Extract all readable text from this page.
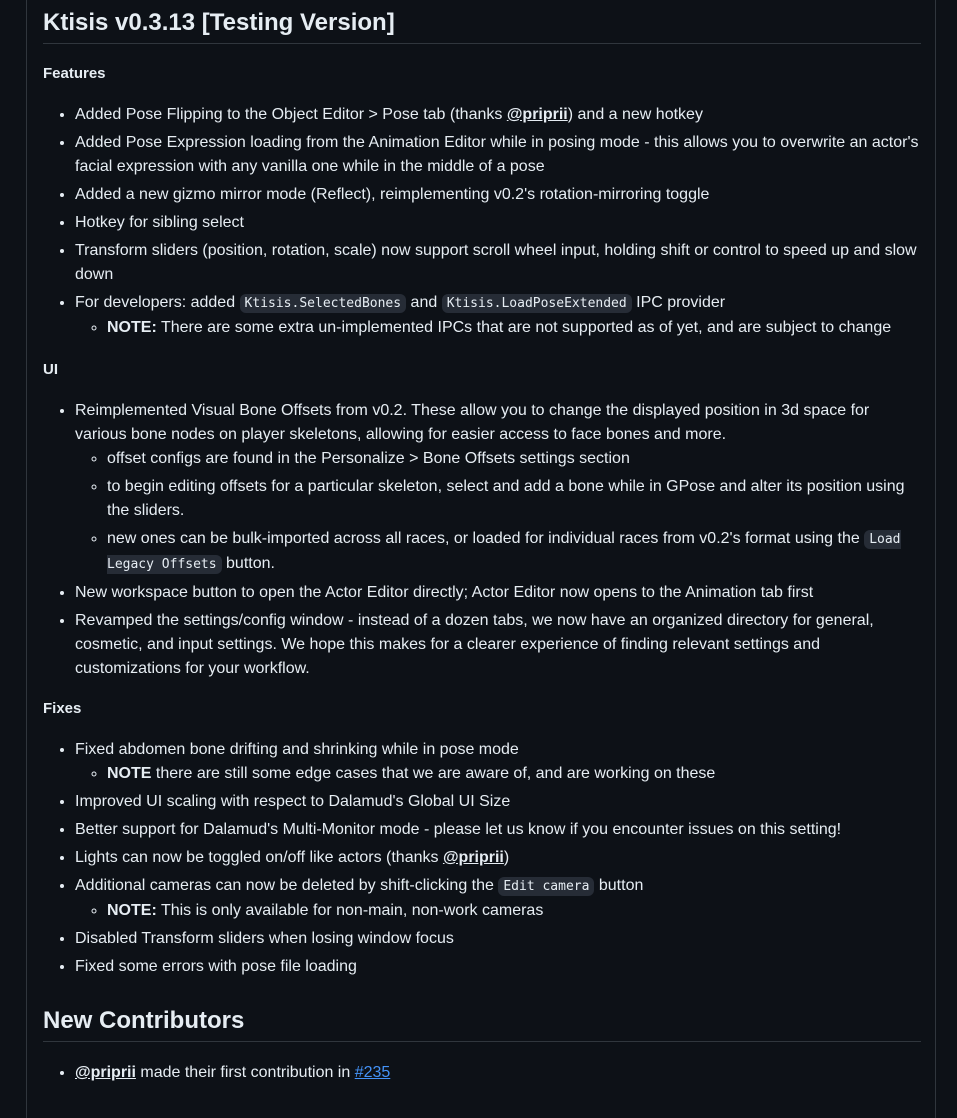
Ktisis v0.3.13 [Testing Version]
Features
• Added Pose Flipping to the Object Editor > Pose tab (thanks @priprii) and a new hotkey
• Added Pose Expression loading from the Animation Editor while in posing mode - this allows you to overwrite an actor's facial expression with any vanilla one while in the middle of a pose
• Added a new gizmo mirror mode (Reflect), reimplementing v0.2's rotation-mirroring toggle
• Hotkey for sibling select
• Transform sliders (position, rotation, scale) now support scroll wheel input, holding shift or control to speed up and slow down
• For developers: added Ktisis.SelectedBones and Ktisis.LoadPoseExtended IPC provider
◦ NOTE: There are some extra un-implemented IPCs that are not supported as of yet, and are subject to change
UI
• Reimplemented Visual Bone Offsets from v0.2. These allow you to change the displayed position in 3d space for various bone nodes on player skeletons, allowing for easier access to face bones and more.
◦ offset configs are found in the Personalize > Bone Offsets settings section
◦ to begin editing offsets for a particular skeleton, select and add a bone while in GPose and alter its position using the sliders.
◦ new ones can be bulk-imported across all races, or loaded for individual races from v0.2's format using the Load Legacy Offsets button.
• New workspace button to open the Actor Editor directly; Actor Editor now opens to the Animation tab first
• Revamped the settings/config window - instead of a dozen tabs, we now have an organized directory for general, cosmetic, and input settings. We hope this makes for a clearer experience of finding relevant settings and customizations for your workflow.
Fixes
• Fixed abdomen bone drifting and shrinking while in pose mode
◦ NOTE there are still some edge cases that we are aware of, and are working on these
• Improved UI scaling with respect to Dalamud's Global UI Size
• Better support for Dalamud's Multi-Monitor mode - please let us know if you encounter issues on this setting!
• Lights can now be toggled on/off like actors (thanks @priprii)
• Additional cameras can now be deleted by shift-clicking the Edit camera button
◦ NOTE: This is only available for non-main, non-work cameras
• Disabled Transform sliders when losing window focus
• Fixed some errors with pose file loading
New Contributors
• @priprii made their first contribution in #235
